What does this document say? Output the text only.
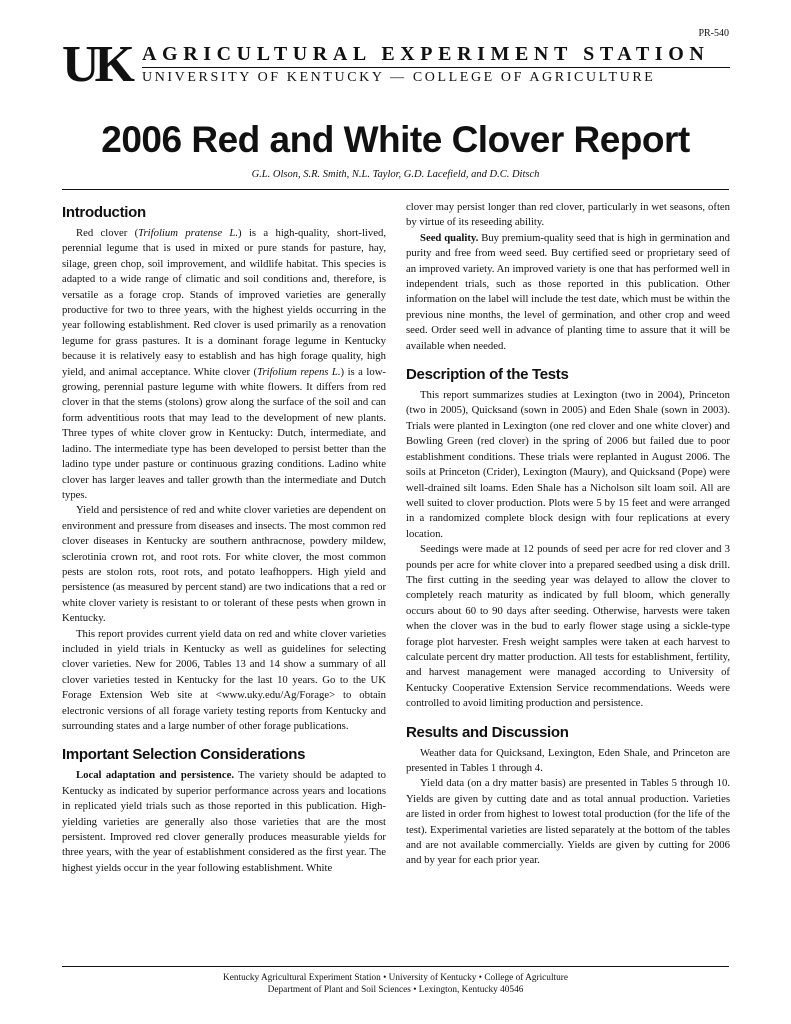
PR-540
UK AGRICULTURAL EXPERIMENT STATION
UNIVERSITY OF KENTUCKY — COLLEGE OF AGRICULTURE
2006 Red and White Clover Report
G.L. Olson, S.R. Smith, N.L. Taylor, G.D. Lacefield, and D.C. Ditsch
Introduction

Red clover (Trifolium pratense L.) is a high-quality, short-lived, perennial legume that is used in mixed or pure stands for pasture, hay, silage, green chop, soil improvement, and wildlife habitat. This species is adapted to a wide range of climatic and soil conditions and, therefore, is versatile as a forage crop. Stands of improved varieties are generally productive for two to three years, with the highest yields occurring in the year following establishment. Red clover is used primarily as a renovation legume for grass pastures. It is a dominant forage legume in Kentucky because it is relatively easy to establish and has high forage quality, high yield, and animal acceptance. White clover (Trifolium repens L.) is a low-growing, perennial pasture legume with white flowers. It differs from red clover in that the stems (stolons) grow along the surface of the soil and can form adventitious roots that may lead to the development of new plants. Three types of white clover grow in Kentucky: Dutch, intermediate, and ladino. The intermediate type has been developed to persist better than the ladino type under pasture or continuous grazing conditions. Ladino white clover has larger leaves and taller growth than the intermediate and Dutch types.

Yield and persistence of red and white clover varieties are dependent on environment and pressure from diseases and insects. The most common red clover diseases in Kentucky are southern anthracnose, powdery mildew, sclerotinia crown rot, and root rots. For white clover, the most common pests are stolon rots, root rots, and potato leafhoppers. High yield and persistence (as measured by percent stand) are two indications that a red or white clover variety is resistant to or tolerant of these pests when grown in Kentucky.

This report provides current yield data on red and white clover varieties included in yield trials in Kentucky as well as guidelines for selecting clover varieties. New for 2006, Tables 13 and 14 show a summary of all clover varieties tested in Kentucky for the last 10 years. Go to the UK Forage Extension Web site at <www.uky.edu/Ag/Forage> to obtain electronic versions of all forage variety testing reports from Kentucky and surrounding states and a large number of other forage publications.

Important Selection Considerations

Local adaptation and persistence. The variety should be adapted to Kentucky as indicated by superior performance across years and locations in replicated yield trials such as those reported in this publication. High-yielding varieties are generally also those varieties that are the most persistent. Improved red clover generally produces measurable yields for three years, with the year of establishment considered as the first year. The highest yields occur in the year following establishment. White

clover may persist longer than red clover, particularly in wet seasons, often by virtue of its reseeding ability.

Seed quality. Buy premium-quality seed that is high in germination and purity and free from weed seed. Buy certified seed or proprietary seed of an improved variety. An improved variety is one that has performed well in independent trials, such as those reported in this publication. Other information on the label will include the test date, which must be within the previous nine months, the level of germination, and other crop and weed seed. Order seed well in advance of planting time to assure that it will be available when needed.

Description of the Tests

This report summarizes studies at Lexington (two in 2004), Princeton (two in 2005), Quicksand (sown in 2005) and Eden Shale (sown in 2003). Trials were planted in Lexington (one red clover and one white clover) and Bowling Green (red clover) in the spring of 2006 but failed due to poor establishment conditions. These trials were replanted in August 2006. The soils at Princeton (Crider), Lexington (Maury), and Quicksand (Pope) were well-drained silt loams. Eden Shale has a Nicholson silt loam soil. All are well suited to clover production. Plots were 5 by 15 feet and were arranged in a randomized complete block design with four replications at every location.

Seedings were made at 12 pounds of seed per acre for red clover and 3 pounds per acre for white clover into a prepared seedbed using a disk drill. The first cutting in the seeding year was delayed to allow the clover to completely reach maturity as indicated by full bloom, which generally occurs about 60 to 90 days after seeding. Otherwise, harvests were taken when the clover was in the bud to early flower stage using a sickle-type forage plot harvester. Fresh weight samples were taken at each harvest to calculate percent dry matter production. All tests for establishment, fertility, and harvest management were managed according to University of Kentucky Cooperative Extension Service recommendations. Weeds were controlled to avoid limiting production and persistence.

Results and Discussion

Weather data for Quicksand, Lexington, Eden Shale, and Princeton are presented in Tables 1 through 4.

Yield data (on a dry matter basis) are presented in Tables 5 through 10. Yields are given by cutting date and as total annual production. Varieties are listed in order from highest to lowest total production (for the life of the test). Experimental varieties are listed separately at the bottom of the tables and are not available commercially. Yields are given by cutting for 2006 and by year for each prior year.

Kentucky Agricultural Experiment Station • University of Kentucky • College of Agriculture
Department of Plant and Soil Sciences • Lexington, Kentucky 40546
